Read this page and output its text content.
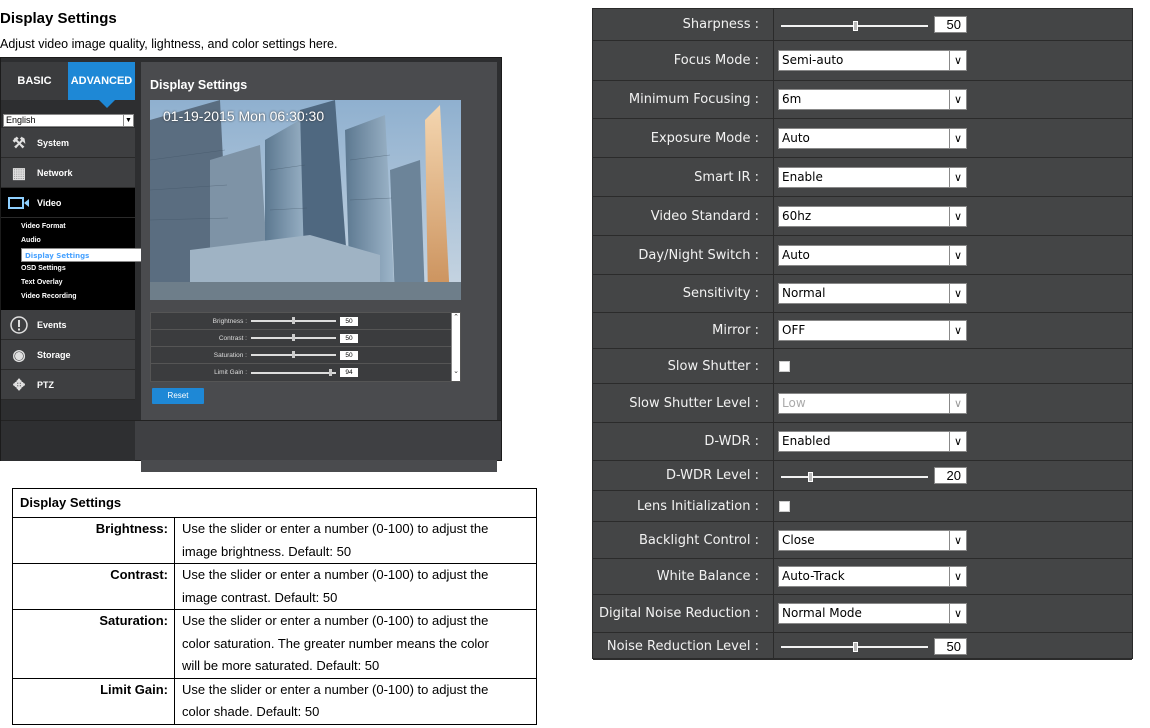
Display Settings
Adjust video image quality, lightness, and color settings here.
BASIC	ADVANCED
English	▼
⚒	System
▦	Network
Video
Video Format
Audio
Display Settings
OSD Settings
Text Overlay
Video Recording
Events
◉	Storage
✥	PTZ
Display Settings
01-19-2015 Mon 06:30:30
Brightness :	50
Contrast :	50
Saturation :	50
Limit Gain :	94
⌃
⌄
Reset
Display Settings	
Brightness:	Use the slider or enter a number (0-100) to adjust the
image brightness. Default: 50

Contrast:	Use the slider or enter a number (0-100) to adjust the
image contrast. Default: 50

Saturation:	Use the slider or enter a number (0-100) to adjust the
color saturation. The greater number means the color
will be more saturated. Default: 50

Limit Gain:	Use the slider or enter a number (0-100) to adjust the
color shade. Default: 50
Sharpness :	50
Focus Mode :	Semi-auto	∨
Minimum Focusing :	6m	∨
Exposure Mode :	Auto	∨
Smart IR :	Enable	∨
Video Standard :	60hz	∨
Day/Night Switch :	Auto	∨
Sensitivity :	Normal	∨
Mirror :	OFF	∨
Slow Shutter :
Slow Shutter Level :	Low	∨
D-WDR :	Enabled	∨
D-WDR Level :	20
Lens Initialization :
Backlight Control :	Close	∨
White Balance :	Auto-Track	∨
Digital Noise Reduction :	Normal Mode	∨
Noise Reduction Level :	50
